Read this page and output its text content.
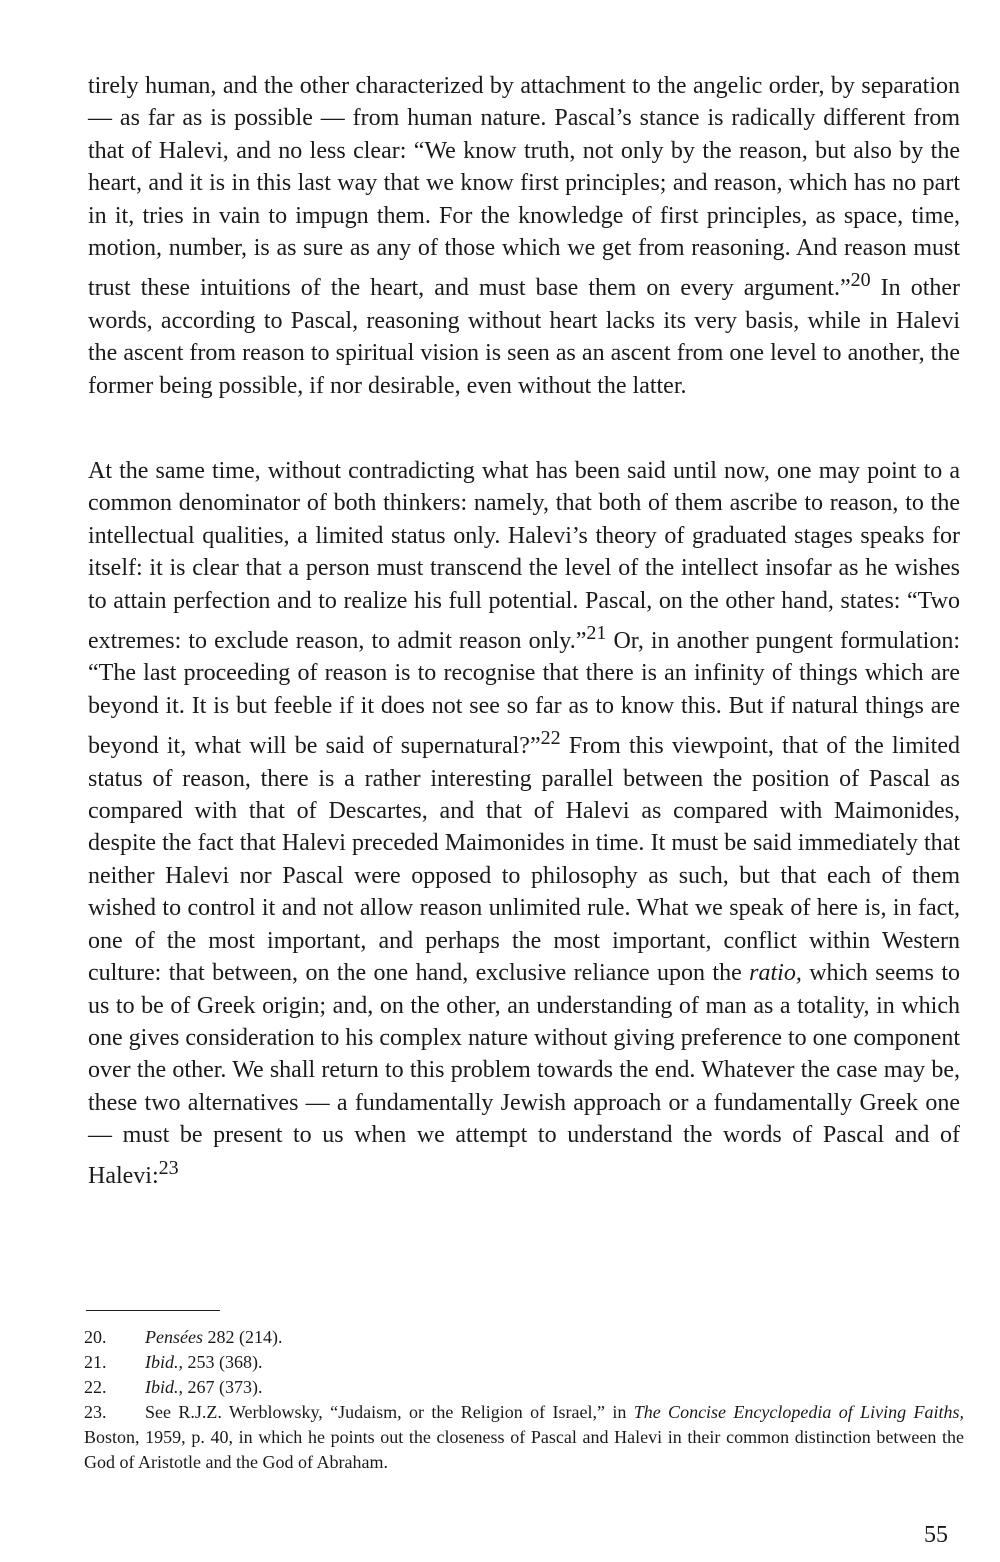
tirely human, and the other characterized by attachment to the angelic order, by separation — as far as is possible — from human nature. Pascal’s stance is radically different from that of Halevi, and no less clear: “We know truth, not only by the reason, but also by the heart, and it is in this last way that we know first principles; and reason, which has no part in it, tries in vain to impugn them. For the knowledge of first principles, as space, time, motion, number, is as sure as any of those which we get from reasoning. And reason must trust these intuitions of the heart, and must base them on every argument.”$^{20}$ In other words, according to Pascal, reasoning without heart lacks its very basis, while in Halevi the ascent from reason to spiritual vision is seen as an ascent from one level to another, the former being possible, if nor desirable, even without the latter.

At the same time, without contradicting what has been said until now, one may point to a common denominator of both thinkers: namely, that both of them ascribe to reason, to the intellectual qualities, a limited status only. Halevi’s theory of graduated stages speaks for itself: it is clear that a person must transcend the level of the intellect insofar as he wishes to attain perfection and to realize his full potential. Pascal, on the other hand, states: “Two extremes: to exclude reason, to admit reason only.”$^{21}$ Or, in another pungent formulation: “The last proceeding of reason is to recognise that there is an infinity of things which are beyond it. It is but feeble if it does not see so far as to know this. But if natural things are beyond it, what will be said of supernatural?”$^{22}$ From this viewpoint, that of the limited status of reason, there is a rather interesting parallel between the position of Pascal as compared with that of Descartes, and that of Halevi as compared with Maimonides, despite the fact that Halevi preceded Maimonides in time. It must be said immediately that neither Halevi nor Pascal were opposed to philosophy as such, but that each of them wished to control it and not allow reason unlimited rule. What we speak of here is, in fact, one of the most important, and perhaps the most important, conflict within Western culture: that between, on the one hand, exclusive reliance upon the ratio, which seems to us to be of Greek origin; and, on the other, an understanding of man as a totality, in which one gives consideration to his complex nature without giving preference to one component over the other. We shall return to this problem towards the end. Whatever the case may be, these two alternatives — a fundamentally Jewish approach or a fundamentally Greek one — must be present to us when we attempt to understand the words of Pascal and of Halevi:$^{23}$

20. Pensées 282 (214).

21. Ibid., 253 (368).

22. Ibid., 267 (373).

23. See R.J.Z. Werblowsky, “Judaism, or the Religion of Israel,” in The Concise Encyclopedia of Living Faiths, Boston, 1959, p. 40, in which he points out the closeness of Pascal and Halevi in their common distinction between the God of Aristotle and the God of Abraham.

55
